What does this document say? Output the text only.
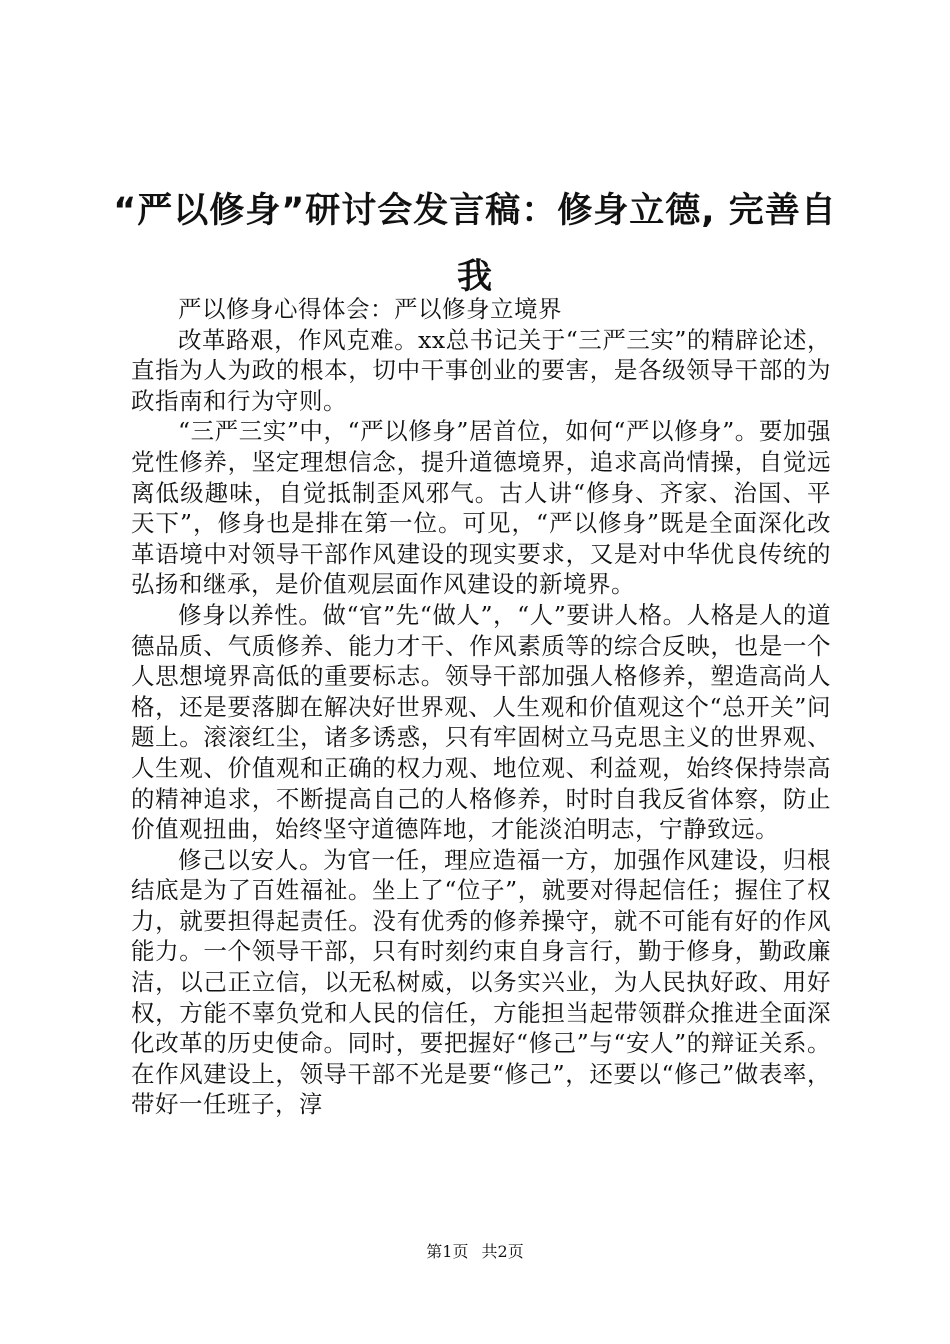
“严以修身”研讨会发言稿：修身立德, 完善自我

严以修身心得体会：严以修身立境界

改革路艰，作风克难。xx总书记关于“三严三实”的精辟论述，直指为人为政的根本，切中干事创业的要害，是各级领导干部的为政指南和行为守则。

“三严三实”中，“严以修身”居首位，如何“严以修身”。要加强党性修养，坚定理想信念，提升道德境界，追求高尚情操，自觉远离低级趣味，自觉抵制歪风邪气。古人讲“修身、齐家、治国、平天下”，修身也是排在第一位。可见，“严以修身”既是全面深化改革语境中对领导干部作风建设的现实要求，又是对中华优良传统的弘扬和继承，是价值观层面作风建设的新境界。

修身以养性。做“官”先“做人”，“人”要讲人格。人格是人的道德品质、气质修养、能力才干、作风素质等的综合反映，也是一个人思想境界高低的重要标志。领导干部加强人格修养，塑造高尚人格，还是要落脚在解决好世界观、人生观和价值观这个“总开关”问题上。滚滚红尘，诸多诱惑，只有牢固树立马克思主义的世界观、人生观、价值观和正确的权力观、地位观、利益观，始终保持崇高的精神追求，不断提高自己的人格修养，时时自我反省体察，防止价值观扭曲，始终坚守道德阵地，才能淡泊明志，宁静致远。

修己以安人。为官一任，理应造福一方，加强作风建设，归根结底是为了百姓福祉。坐上了“位子”，就要对得起信任；握住了权力，就要担得起责任。没有优秀的修养操守，就不可能有好的作风能力。一个领导干部，只有时刻约束自身言行，勤于修身，勤政廉洁，以己正立信，以无私树威，以务实兴业，为人民执好政、用好权，方能不辜负党和人民的信任，方能担当起带领群众推进全面深化改革的历史使命。同时，要把握好“修己”与“安人”的辩证关系。在作风建设上，领导干部不光是要“修己”，还要以“修己”做表率，带好一任班子，淳

第1页 共2页
